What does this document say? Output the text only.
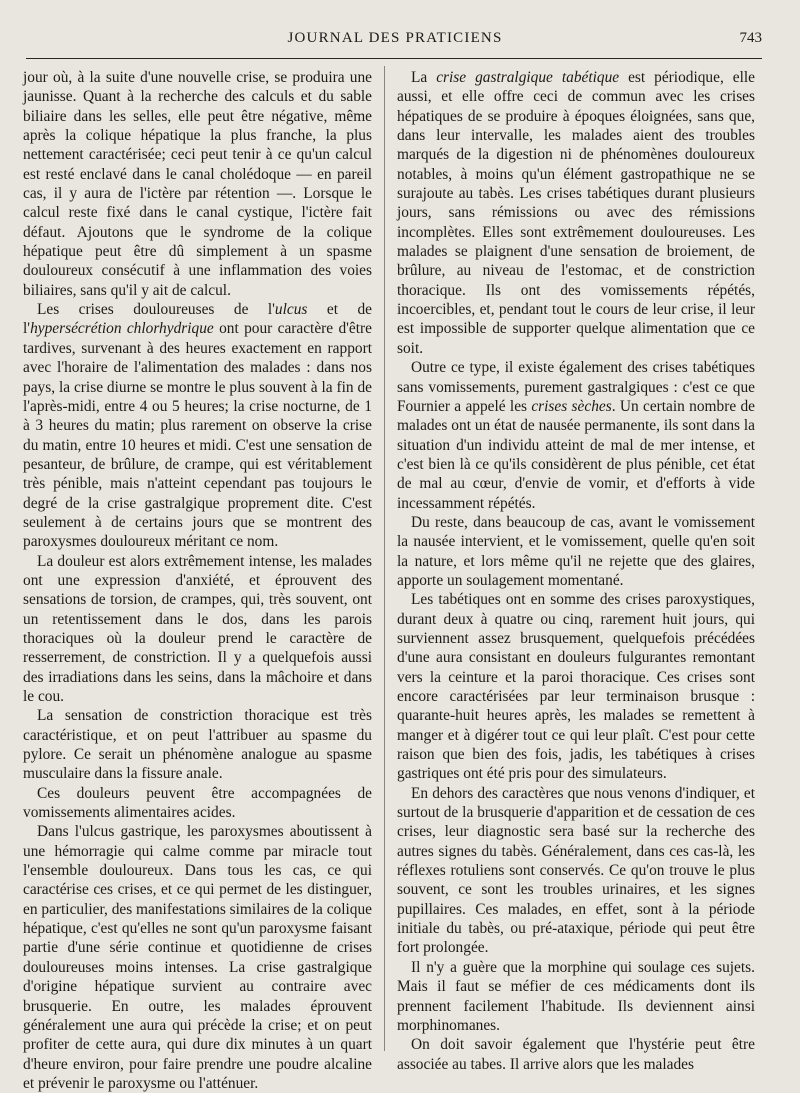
JOURNAL DES PRATICIENS	743

jour où, à la suite d'une nouvelle crise, se produira une jaunisse. Quant à la recherche des calculs et du sable biliaire dans les selles, elle peut être négative, même après la colique hépatique la plus franche, la plus nettement caractérisée; ceci peut tenir à ce qu'un calcul est resté enclavé dans le canal cholédoque — en pareil cas, il y aura de l'ictère par rétention —. Lorsque le calcul reste fixé dans le canal cystique, l'ictère fait défaut. Ajoutons que le syndrome de la colique hépatique peut être dû simplement à un spasme douloureux consécutif à une inflammation des voies biliaires, sans qu'il y ait de calcul.

Les crises douloureuses de l'ulcus et de l'hypersécrétion chlorhydrique ont pour caractère d'être tardives, survenant à des heures exactement en rapport avec l'horaire de l'alimentation des malades : dans nos pays, la crise diurne se montre le plus souvent à la fin de l'après-midi, entre 4 ou 5 heures; la crise nocturne, de 1 à 3 heures du matin; plus rarement on observe la crise du matin, entre 10 heures et midi. C'est une sensation de pesanteur, de brûlure, de crampe, qui est véritablement très pénible, mais n'atteint cependant pas toujours le degré de la crise gastralgique proprement dite. C'est seulement à de certains jours que se montrent des paroxysmes douloureux méritant ce nom.

La douleur est alors extrêmement intense, les malades ont une expression d'anxiété, et éprouvent des sensations de torsion, de crampes, qui, très souvent, ont un retentissement dans le dos, dans les parois thoraciques où la douleur prend le caractère de resserrement, de constriction. Il y a quelquefois aussi des irradiations dans les seins, dans la mâchoire et dans le cou.

La sensation de constriction thoracique est très caractéristique, et on peut l'attribuer au spasme du pylore. Ce serait un phénomène analogue au spasme musculaire dans la fissure anale.

Ces douleurs peuvent être accompagnées de vomissements alimentaires acides.

Dans l'ulcus gastrique, les paroxysmes aboutissent à une hémorragie qui calme comme par miracle tout l'ensemble douloureux. Dans tous les cas, ce qui caractérise ces crises, et ce qui permet de les distinguer, en particulier, des manifestations similaires de la colique hépatique, c'est qu'elles ne sont qu'un paroxysme faisant partie d'une série continue et quotidienne de crises douloureuses moins intenses. La crise gastralgique d'origine hépatique survient au contraire avec brusquerie. En outre, les malades éprouvent généralement une aura qui précède la crise; et on peut profiter de cette aura, qui dure dix minutes à un quart d'heure environ, pour faire prendre une poudre alcaline et prévenir le paroxysme ou l'atténuer.

La crise gastralgique tabétique est périodique, elle aussi, et elle offre ceci de commun avec les crises hépatiques de se produire à époques éloignées, sans que, dans leur intervalle, les malades aient des troubles marqués de la digestion ni de phénomènes douloureux notables, à moins qu'un élément gastropathique ne se surajoute au tabès. Les crises tabétiques durant plusieurs jours, sans rémissions ou avec des rémissions incomplètes. Elles sont extrêmement douloureuses. Les malades se plaignent d'une sensation de broiement, de brûlure, au niveau de l'estomac, et de constriction thoracique. Ils ont des vomissements répétés, incoercibles, et, pendant tout le cours de leur crise, il leur est impossible de supporter quelque alimentation que ce soit.

Outre ce type, il existe également des crises tabétiques sans vomissements, purement gastralgiques : c'est ce que Fournier a appelé les crises sèches. Un certain nombre de malades ont un état de nausée permanente, ils sont dans la situation d'un individu atteint de mal de mer intense, et c'est bien là ce qu'ils considèrent de plus pénible, cet état de mal au cœur, d'envie de vomir, et d'efforts à vide incessamment répétés.

Du reste, dans beaucoup de cas, avant le vomissement la nausée intervient, et le vomissement, quelle qu'en soit la nature, et lors même qu'il ne rejette que des glaires, apporte un soulagement momentané.

Les tabétiques ont en somme des crises paroxystiques, durant deux à quatre ou cinq, rarement huit jours, qui surviennent assez brusquement, quelquefois précédées d'une aura consistant en douleurs fulgurantes remontant vers la ceinture et la paroi thoracique. Ces crises sont encore caractérisées par leur terminaison brusque : quarante-huit heures après, les malades se remettent à manger et à digérer tout ce qui leur plaît. C'est pour cette raison que bien des fois, jadis, les tabétiques à crises gastriques ont été pris pour des simulateurs.

En dehors des caractères que nous venons d'indiquer, et surtout de la brusquerie d'apparition et de cessation de ces crises, leur diagnostic sera basé sur la recherche des autres signes du tabès. Généralement, dans ces cas-là, les réflexes rotuliens sont conservés. Ce qu'on trouve le plus souvent, ce sont les troubles urinaires, et les signes pupillaires. Ces malades, en effet, sont à la période initiale du tabès, ou pré-ataxique, période qui peut être fort prolongée.

Il n'y a guère que la morphine qui soulage ces sujets. Mais il faut se méfier de ces médicaments dont ils prennent facilement l'habitude. Ils deviennent ainsi morphinomanes.

On doit savoir également que l'hystérie peut être associée au tabes. Il arrive alors que les malades
